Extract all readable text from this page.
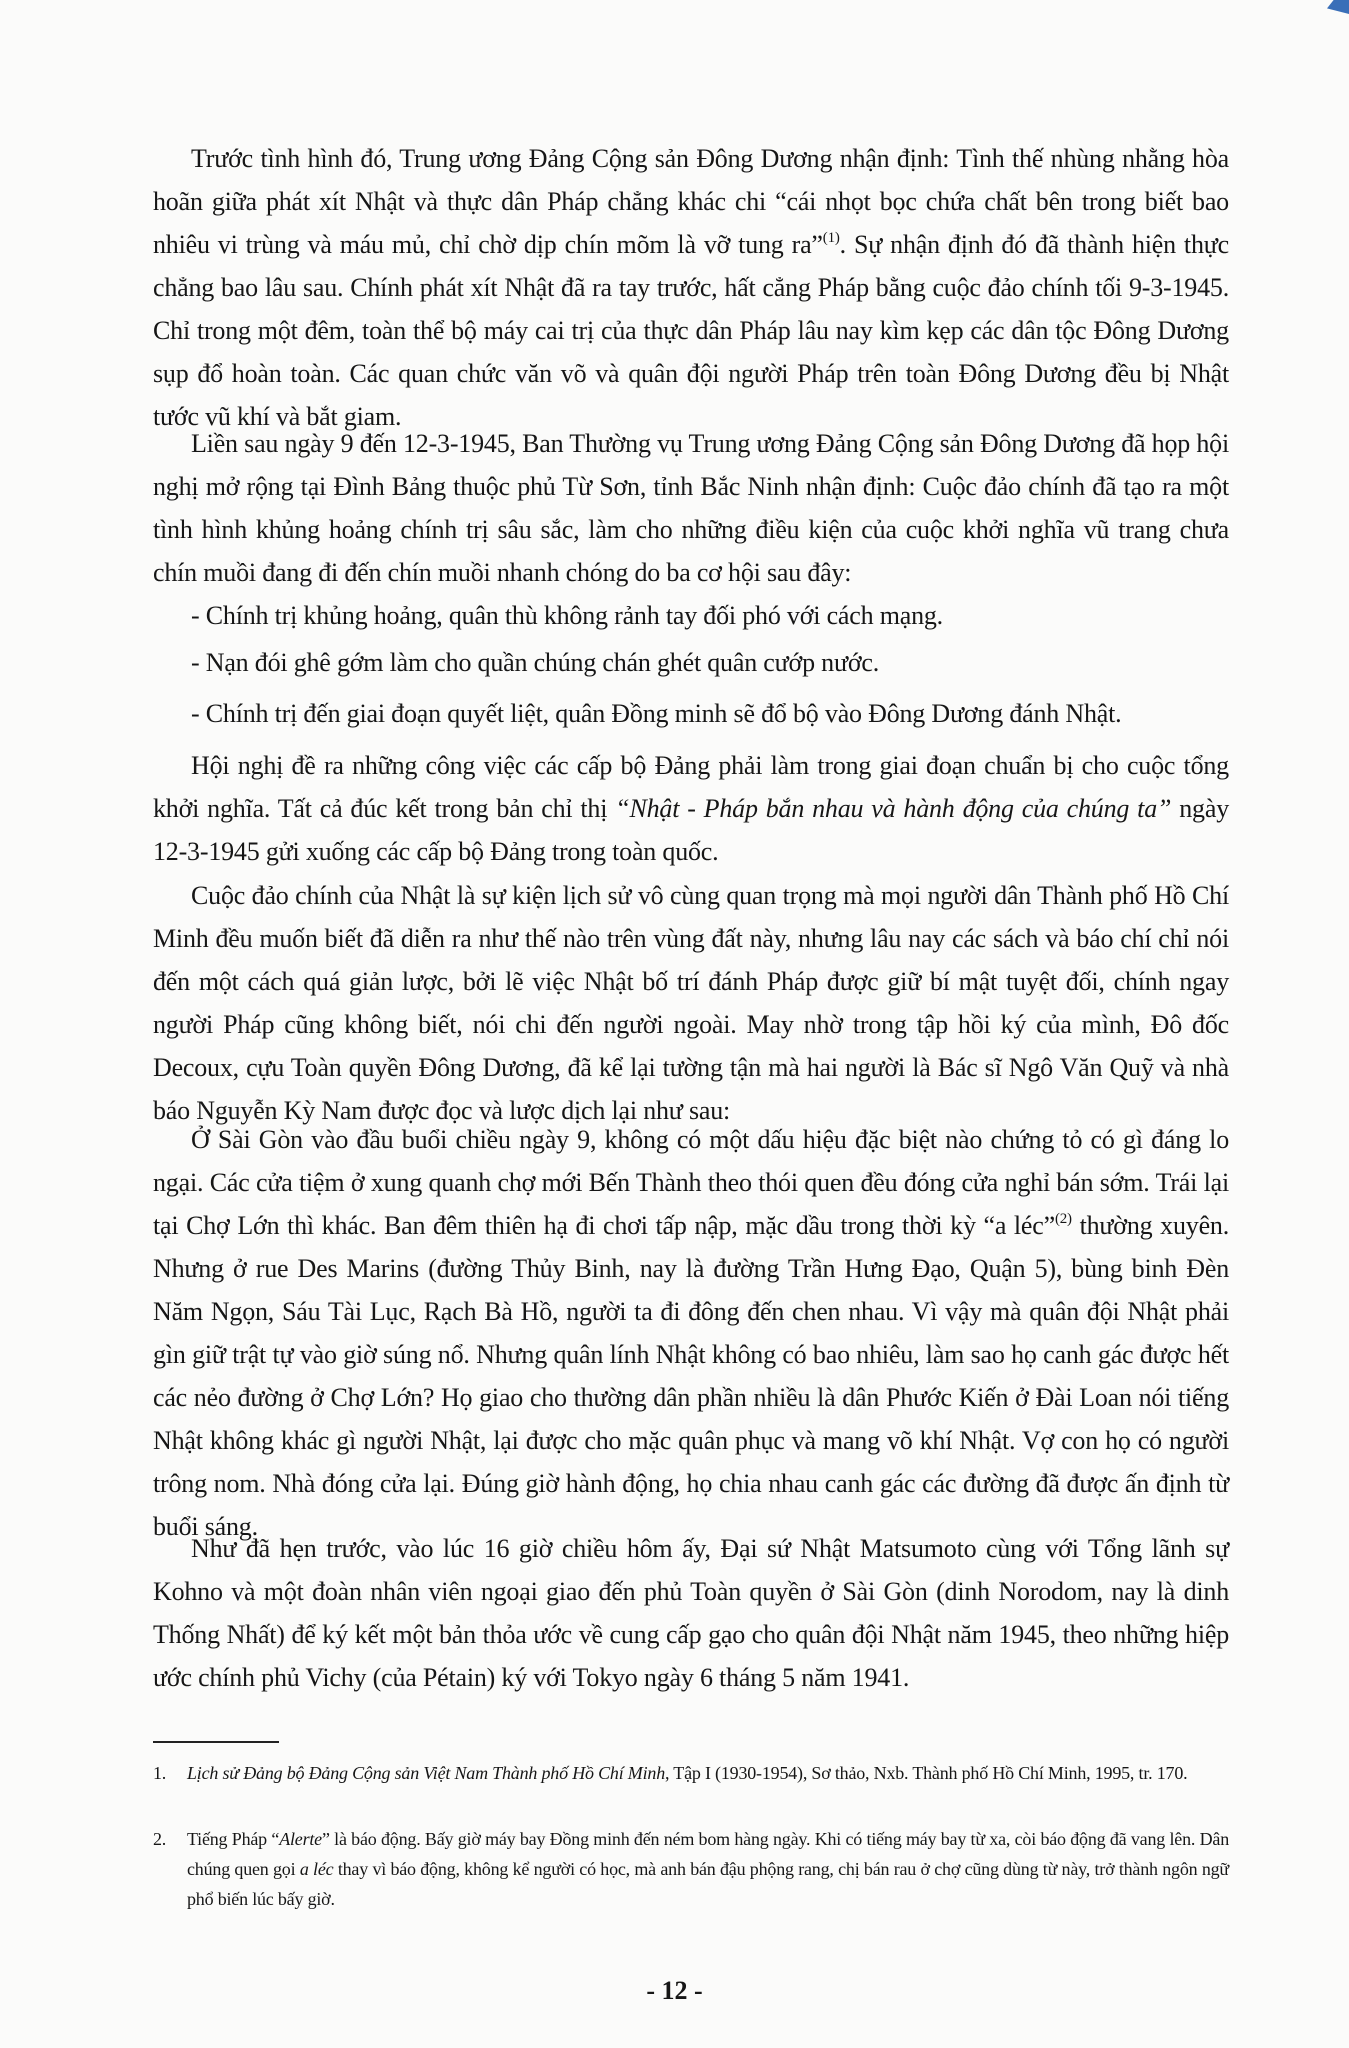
Trước tình hình đó, Trung ương Đảng Cộng sản Đông Dương nhận định: Tình thế nhùng nhằng hòa hoãn giữa phát xít Nhật và thực dân Pháp chẳng khác chi “cái nhọt bọc chứa chất bên trong biết bao nhiêu vi trùng và máu mủ, chỉ chờ dịp chín mõm là vỡ tung ra”$^{(1)}$. Sự nhận định đó đã thành hiện thực chẳng bao lâu sau. Chính phát xít Nhật đã ra tay trước, hất cẳng Pháp bằng cuộc đảo chính tối 9-3-1945. Chỉ trong một đêm, toàn thể bộ máy cai trị của thực dân Pháp lâu nay kìm kẹp các dân tộc Đông Dương sụp đổ hoàn toàn. Các quan chức văn võ và quân đội người Pháp trên toàn Đông Dương đều bị Nhật tước vũ khí và bắt giam.

Liền sau ngày 9 đến 12-3-1945, Ban Thường vụ Trung ương Đảng Cộng sản Đông Dương đã họp hội nghị mở rộng tại Đình Bảng thuộc phủ Từ Sơn, tỉnh Bắc Ninh nhận định: Cuộc đảo chính đã tạo ra một tình hình khủng hoảng chính trị sâu sắc, làm cho những điều kiện của cuộc khởi nghĩa vũ trang chưa chín muồi đang đi đến chín muồi nhanh chóng do ba cơ hội sau đây:

- Chính trị khủng hoảng, quân thù không rảnh tay đối phó với cách mạng.

- Nạn đói ghê gớm làm cho quần chúng chán ghét quân cướp nước.

- Chính trị đến giai đoạn quyết liệt, quân Đồng minh sẽ đổ bộ vào Đông Dương đánh Nhật.

Hội nghị đề ra những công việc các cấp bộ Đảng phải làm trong giai đoạn chuẩn bị cho cuộc tổng khởi nghĩa. Tất cả đúc kết trong bản chỉ thị “Nhật - Pháp bắn nhau và hành động của chúng ta” ngày 12-3-1945 gửi xuống các cấp bộ Đảng trong toàn quốc.

Cuộc đảo chính của Nhật là sự kiện lịch sử vô cùng quan trọng mà mọi người dân Thành phố Hồ Chí Minh đều muốn biết đã diễn ra như thế nào trên vùng đất này, nhưng lâu nay các sách và báo chí chỉ nói đến một cách quá giản lược, bởi lẽ việc Nhật bố trí đánh Pháp được giữ bí mật tuyệt đối, chính ngay người Pháp cũng không biết, nói chi đến người ngoài. May nhờ trong tập hồi ký của mình, Đô đốc Decoux, cựu Toàn quyền Đông Dương, đã kể lại tường tận mà hai người là Bác sĩ Ngô Văn Quỹ và nhà báo Nguyễn Kỳ Nam được đọc và lược dịch lại như sau:

Ở Sài Gòn vào đầu buổi chiều ngày 9, không có một dấu hiệu đặc biệt nào chứng tỏ có gì đáng lo ngại. Các cửa tiệm ở xung quanh chợ mới Bến Thành theo thói quen đều đóng cửa nghỉ bán sớm. Trái lại tại Chợ Lớn thì khác. Ban đêm thiên hạ đi chơi tấp nập, mặc dầu trong thời kỳ “a léc”$^{(2)}$ thường xuyên. Nhưng ở rue Des Marins (đường Thủy Binh, nay là đường Trần Hưng Đạo, Quận 5), bùng binh Đèn Năm Ngọn, Sáu Tài Lục, Rạch Bà Hồ, người ta đi đông đến chen nhau. Vì vậy mà quân đội Nhật phải gìn giữ trật tự vào giờ súng nổ. Nhưng quân lính Nhật không có bao nhiêu, làm sao họ canh gác được hết các nẻo đường ở Chợ Lớn? Họ giao cho thường dân phần nhiều là dân Phước Kiến ở Đài Loan nói tiếng Nhật không khác gì người Nhật, lại được cho mặc quân phục và mang võ khí Nhật. Vợ con họ có người trông nom. Nhà đóng cửa lại. Đúng giờ hành động, họ chia nhau canh gác các đường đã được ấn định từ buổi sáng.

Như đã hẹn trước, vào lúc 16 giờ chiều hôm ấy, Đại sứ Nhật Matsumoto cùng với Tổng lãnh sự Kohno và một đoàn nhân viên ngoại giao đến phủ Toàn quyền ở Sài Gòn (dinh Norodom, nay là dinh Thống Nhất) để ký kết một bản thỏa ước về cung cấp gạo cho quân đội Nhật năm 1945, theo những hiệp ước chính phủ Vichy (của Pétain) ký với Tokyo ngày 6 tháng 5 năm 1941.

1. Lịch sử Đảng bộ Đảng Cộng sản Việt Nam Thành phố Hồ Chí Minh, Tập I (1930-1954), Sơ thảo, Nxb. Thành phố Hồ Chí Minh, 1995, tr. 170.
2. Tiếng Pháp “Alerte” là báo động. Bấy giờ máy bay Đồng minh đến ném bom hàng ngày. Khi có tiếng máy bay từ xa, còi báo động đã vang lên. Dân chúng quen gọi a léc thay vì báo động, không kể người có học, mà anh bán đậu phộng rang, chị bán rau ở chợ cũng dùng từ này, trở thành ngôn ngữ phổ biến lúc bấy giờ.
- 12 -
